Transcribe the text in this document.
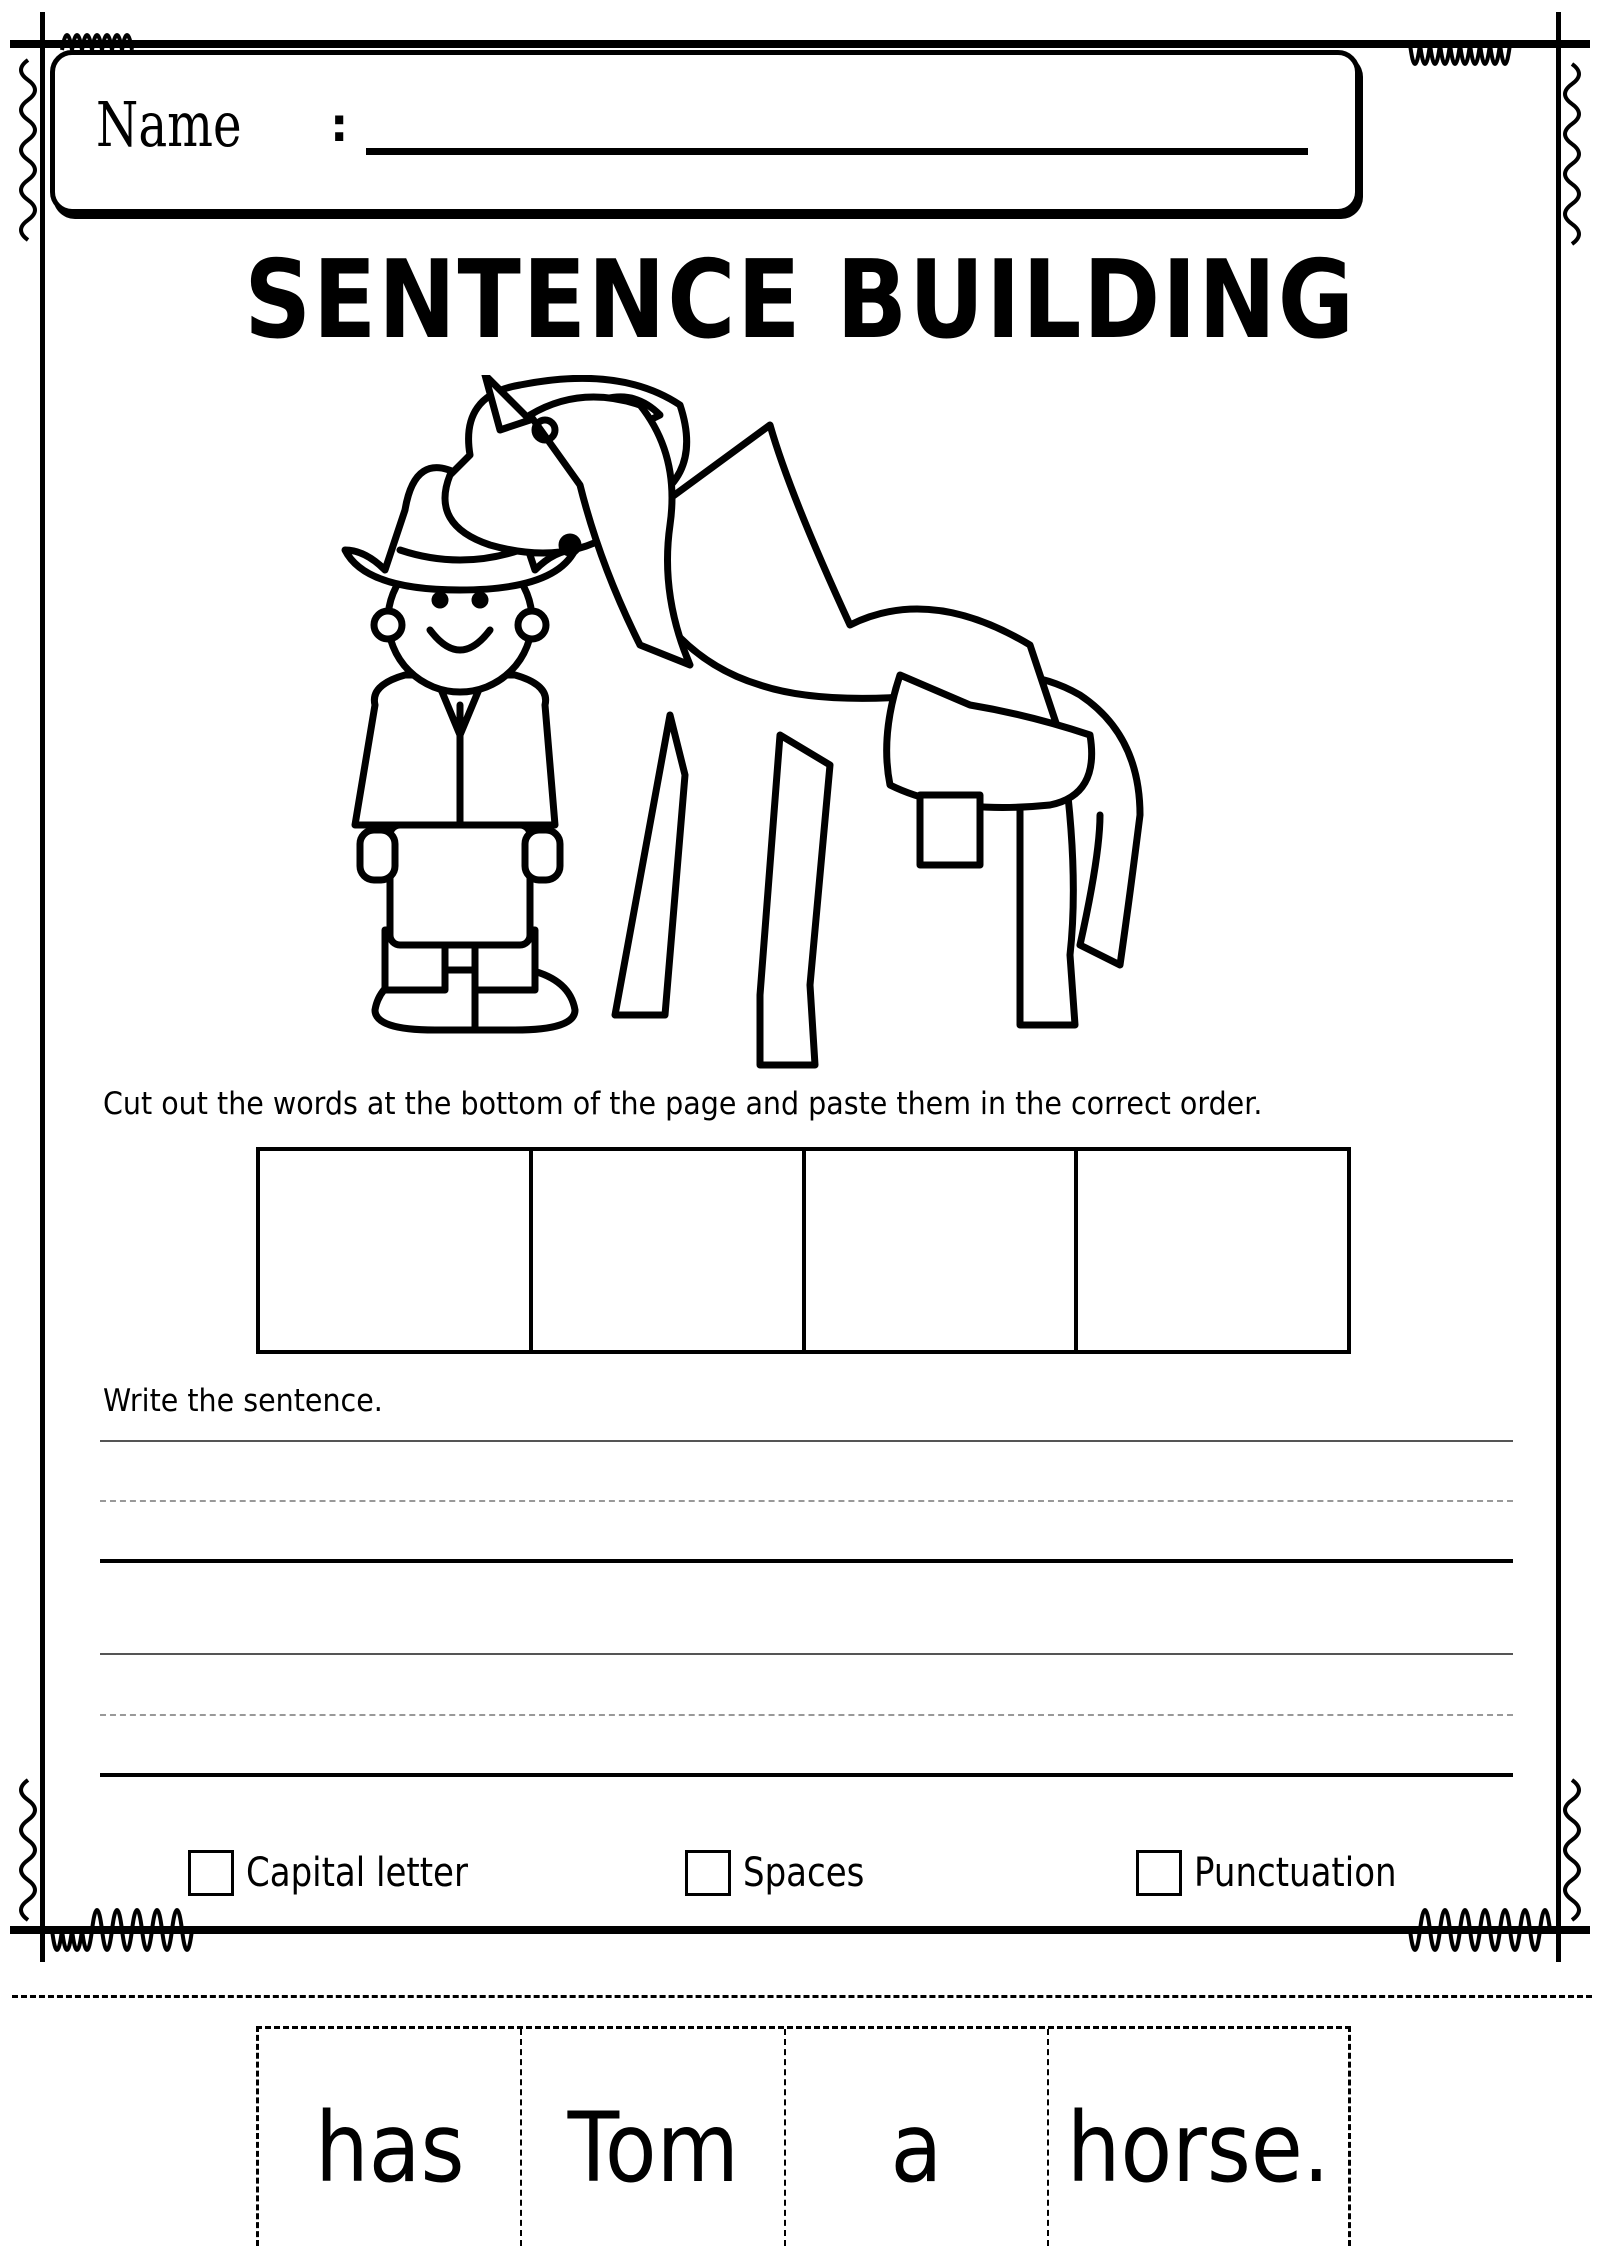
Name :
SENTENCE BUILDING
Cut out the words at the bottom of the page and paste them in the correct order.
Write the sentence.
Capital letter	Spaces	Punctuation
has Tom a horse.
